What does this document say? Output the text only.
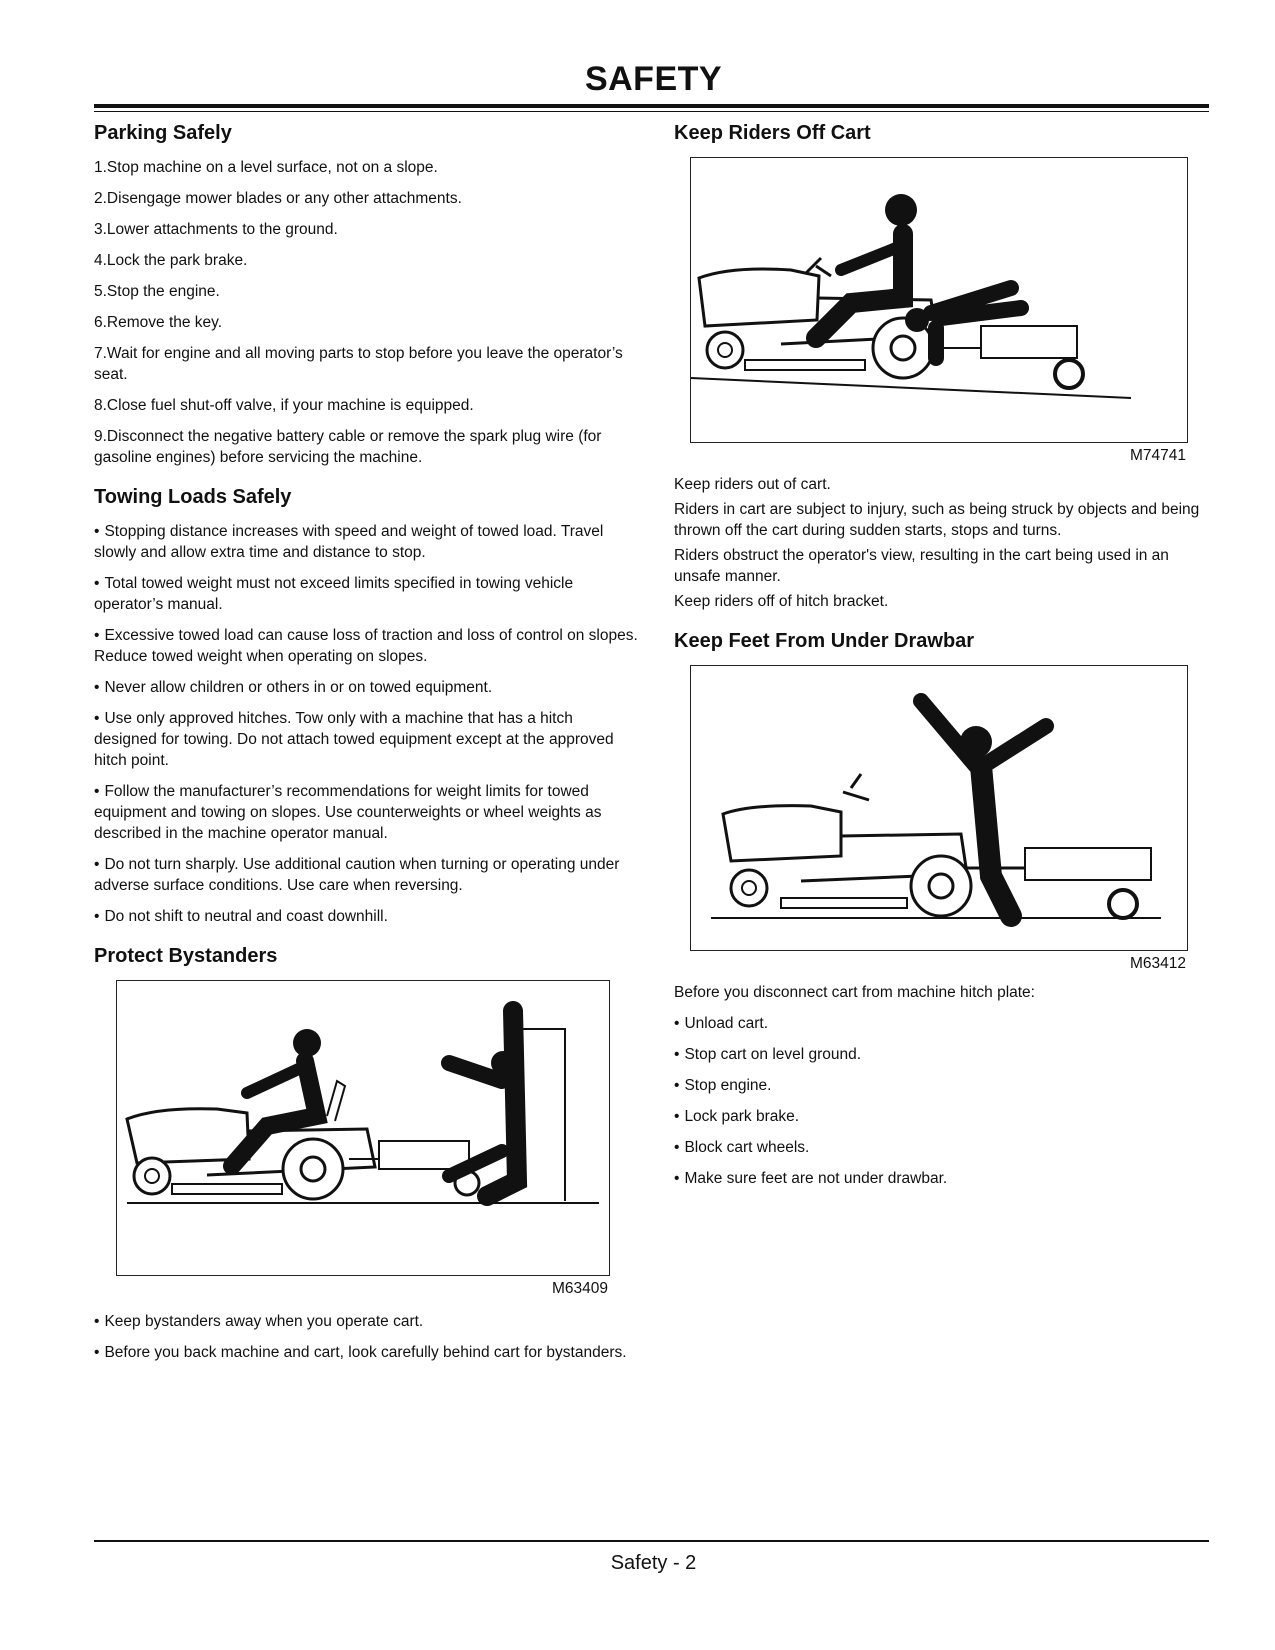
SAFETY
Parking Safely

1.Stop machine on a level surface, not on a slope.

2.Disengage mower blades or any other attachments.

3.Lower attachments to the ground.

4.Lock the park brake.

5.Stop the engine.

6.Remove the key.

7.Wait for engine and all moving parts to stop before you leave the operator’s seat.

8.Close fuel shut-off valve, if your machine is equipped.

9.Disconnect the negative battery cable or remove the spark plug wire (for gasoline engines) before servicing the machine.

Towing Loads Safely

• Stopping distance increases with speed and weight of towed load. Travel slowly and allow extra time and distance to stop.

• Total towed weight must not exceed limits specified in towing vehicle operator’s manual.

• Excessive towed load can cause loss of traction and loss of control on slopes. Reduce towed weight when operating on slopes.

• Never allow children or others in or on towed equipment.

• Use only approved hitches. Tow only with a machine that has a hitch designed for towing. Do not attach towed equipment except at the approved hitch point.

• Follow the manufacturer’s recommendations for weight limits for towed equipment and towing on slopes. Use counterweights or wheel weights as described in the machine operator manual.

• Do not turn sharply. Use additional caution when turning or operating under adverse surface conditions. Use care when reversing.

• Do not shift to neutral and coast downhill.

Protect Bystanders
M63409

• Keep bystanders away when you operate cart.

• Before you back machine and cart, look carefully behind cart for bystanders.

Keep Riders Off Cart
M74741

Keep riders out of cart.

Riders in cart are subject to injury, such as being struck by objects and being thrown off the cart during sudden starts, stops and turns.

Riders obstruct the operator's view, resulting in the cart being used in an unsafe manner.

Keep riders off of hitch bracket.

Keep Feet From Under Drawbar
M63412

Before you disconnect cart from machine hitch plate:

• Unload cart.

• Stop cart on level ground.

• Stop engine.

• Lock park brake.

• Block cart wheels.

• Make sure feet are not under drawbar.

Safety - 2
